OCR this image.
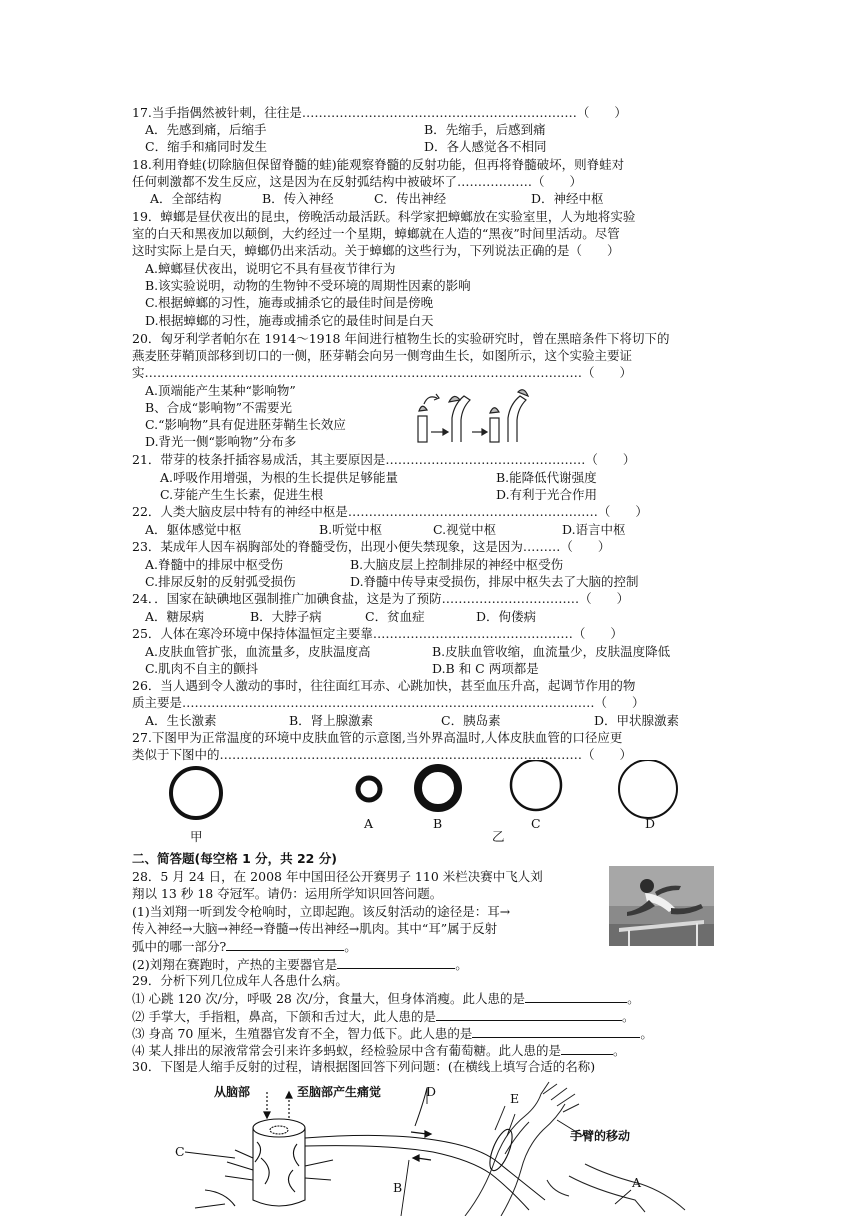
17.当手指偶然被针刺，往往是…………………………………………………………（　　）
A．先感到痛，后缩手	B．先缩手，后感到痛
C．缩手和痛同时发生	D．各人感觉各不相同
18.利用脊蛙(切除脑但保留脊髓的蛙)能观察脊髓的反射功能，但再将脊髓破坏，则脊蛙对
任何刺激都不发生反应，这是因为在反射弧结构中被破坏了………………（　　）
A．全部结构	B．传入神经	C．传出神经	D．神经中枢
19．蟑螂是昼伏夜出的昆虫，傍晚活动最活跃。科学家把蟑螂放在实验室里，人为地将实验
室的白天和黑夜加以颠倒，大约经过一个星期，蟑螂就在人造的“黑夜”时间里活动。尽管
这时实际上是白天，蟑螂仍出来活动。关于蟑螂的这些行为，下列说法正确的是（　　）
A.蟑螂昼伏夜出，说明它不具有昼夜节律行为
B.该实验说明，动物的生物钟不受环境的周期性因素的影响
C.根据蟑螂的习性，施毒或捕杀它的最佳时间是傍晚
D.根据蟑螂的习性，施毒或捕杀它的最佳时间是白天
20．匈牙利学者帕尔在 1914～1918 年间进行植物生长的实验研究时，曾在黑暗条件下将切下的
燕麦胚芽鞘顶部移到切口的一侧，胚芽鞘会向另一侧弯曲生长，如图所示，这个实验主要证
实……………………………………………………………………………………………（　　）
A.顶端能产生某种“影响物”
B、合成“影响物”不需要光
C.“影响物”具有促进胚芽鞘生长效应
D.背光一侧“影响物”分布多
21．带芽的枝条扦插容易成活，其主要原因是…………………………………………（　　）
A.呼吸作用增强，为根的生长提供足够能量	B.能降低代谢强度
C.芽能产生生长素，促进生根	D.有利于光合作用
22．人类大脑皮层中特有的神经中枢是……………………………………………………（　　）
A．躯体感觉中枢	B.听觉中枢	C.视觉中枢	D.语言中枢
23．某成年人因车祸胸部处的脊髓受伤，出现小便失禁现象，这是因为………（　　）
A.脊髓中的排尿中枢受伤	B.大脑皮层上控制排尿的神经中枢受伤
C.排尿反射的反射弧受损伤	D.脊髓中传导束受损伤，排尿中枢失去了大脑的控制
24．．国家在缺碘地区强制推广加碘食盐，这是为了预防……………………………（　　）
A．糖尿病	B．大脖子病	C．贫血症	D．佝偻病
25．人体在寒冷环境中保持体温恒定主要靠…………………………………………（　　）
A.皮肤血管扩张，血流量多，皮肤温度高	B.皮肤血管收缩，血流量少，皮肤温度降低
C.肌肉不自主的颤抖	D.B 和 C 两项都是
26．当人遇到令人激动的事时，往往面红耳赤、心跳加快，甚至血压升高，起调节作用的物
质主要是………………………………………………………………………………………（　　）
A．生长激素	B．肾上腺激素	C．胰岛素	D．甲状腺激素
27.下图甲为正常温度的环境中皮肤血管的示意图,当外界高温时,人体皮肤血管的口径应更
类似于下图中的……………………………………………………………………………（　　）
A	B	C	D
甲	乙
二、简答题(每空格 1 分，共 22 分)
28．5 月 24 日，在 2008 年中国田径公开赛男子 110 米栏决赛中飞人刘
翔以 13 秒 18 夺冠军。请仍：运用所学知识回答问题。
(1)当刘翔一听到发令枪响时，立即起跑。该反射活动的途径是：耳→
传入神经→大脑→神经→脊髓→传出神经→肌肉。其中“耳”属于反射
弧中的哪一部分?	。
(2)刘翔在赛跑时，产热的主要器官是	。
29．分析下列几位成年人各患什么病。
⑴ 心跳 120 次/分，呼吸 28 次/分，食量大，但身体消瘦。此人患的是	。
⑵ 手掌大，手指粗，鼻高，下颌和舌过大，此人患的是	。
⑶ 身高 70 厘米，生殖器官发育不全，智力低下。此人患的是	。
⑷ 某人排出的尿液常常会引来许多蚂蚁，经检验尿中含有葡萄糖。此人患的是	。
30．下图是人缩手反射的过程，请根据图回答下列问题：(在横线上填写合适的名称)
从脑部	至脑部产生痛觉
手臂的移动
C
B
D	E
A
